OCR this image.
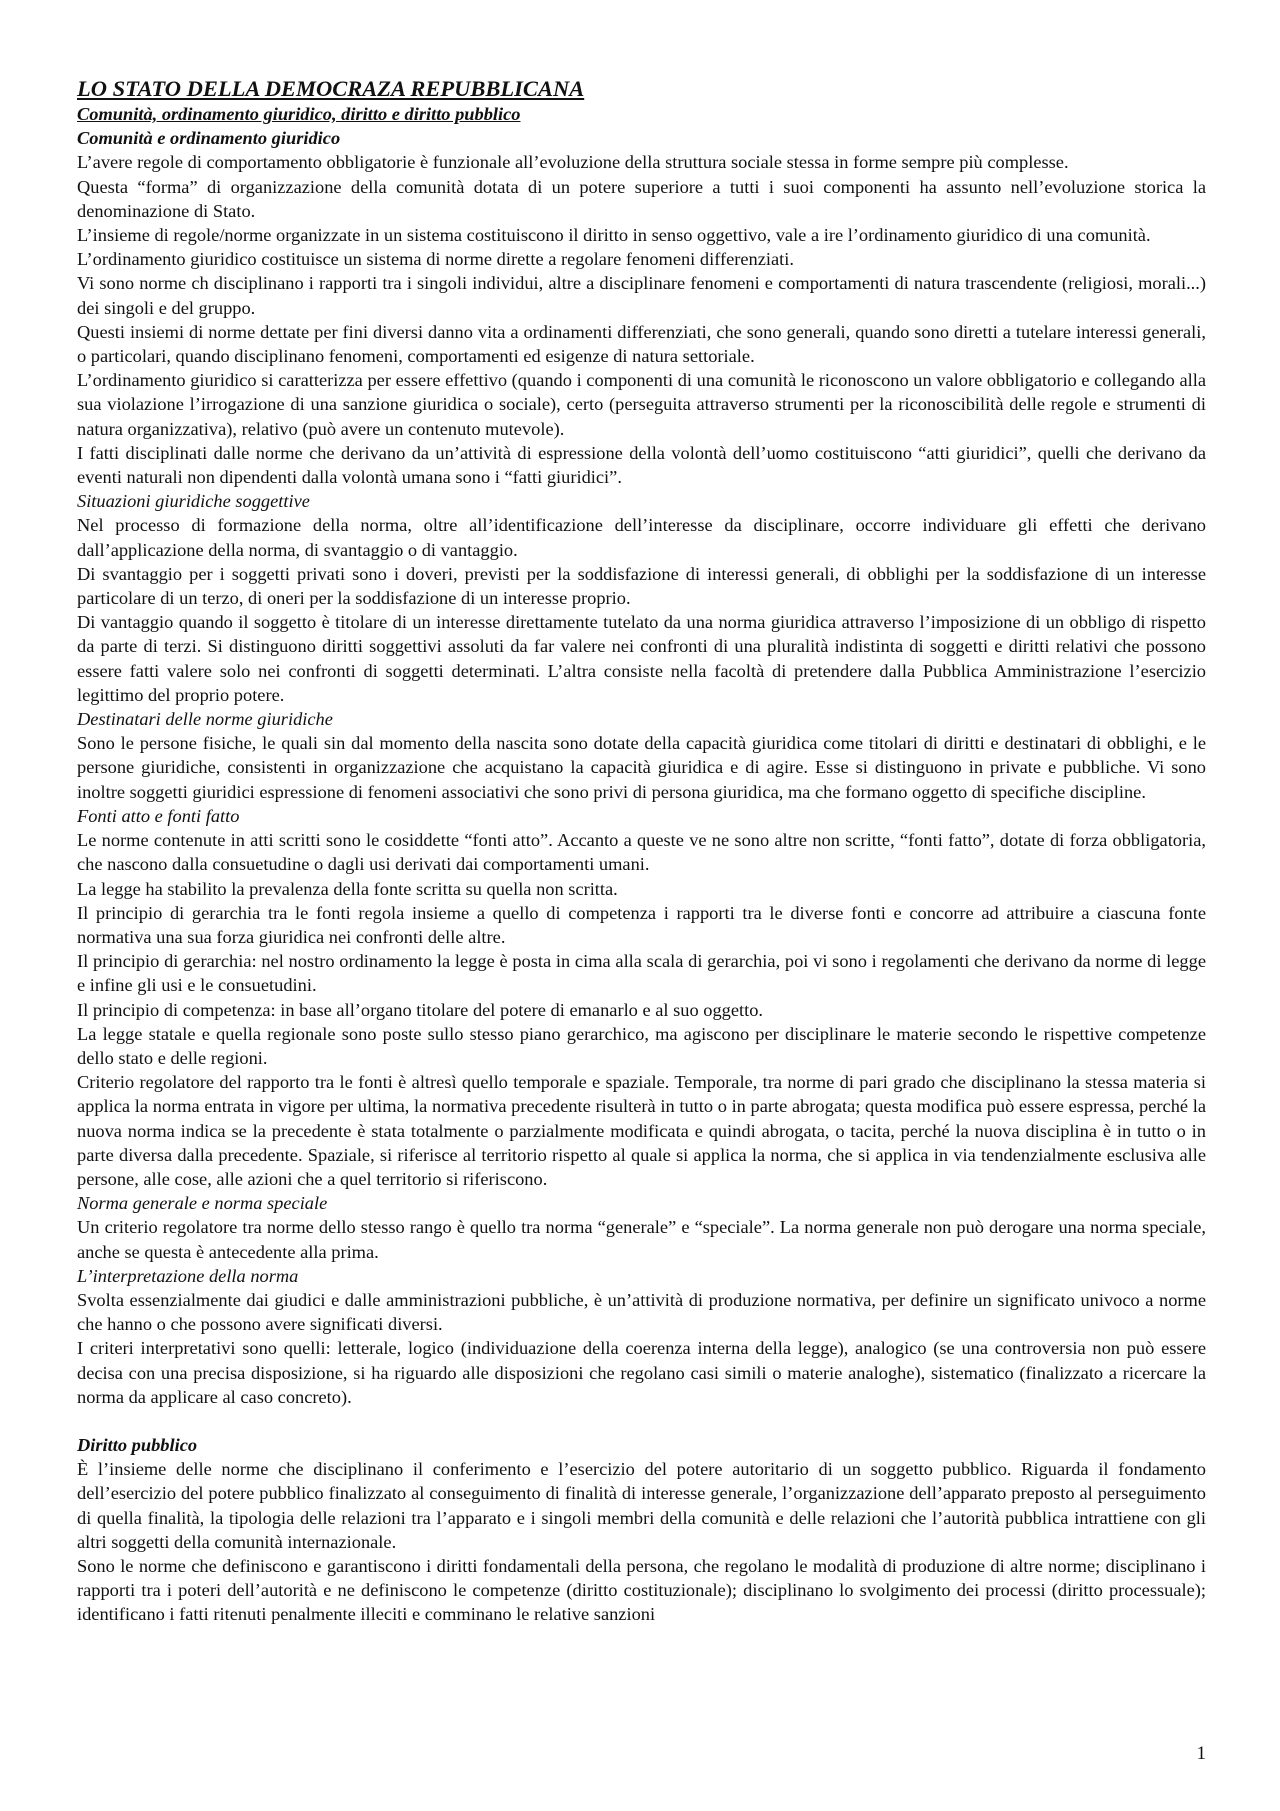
LO STATO DELLA DEMOCRAZA REPUBBLICANA

Comunità, ordinamento giuridico, diritto e diritto pubblico

Comunità e ordinamento giuridico

L’avere regole di comportamento obbligatorie è funzionale all’evoluzione della struttura sociale stessa in forme sempre più complesse.

Questa “forma” di organizzazione della comunità dotata di un potere superiore a tutti i suoi componenti ha assunto nell’evoluzione storica la denominazione di Stato.

L’insieme di regole/norme organizzate in un sistema costituiscono il diritto in senso oggettivo, vale a ire l’ordinamento giuridico di una comunità.

L’ordinamento giuridico costituisce un sistema di norme dirette a regolare fenomeni differenziati.

Vi sono norme ch disciplinano i rapporti tra i singoli individui, altre a disciplinare fenomeni e comportamenti di natura trascendente (religiosi, morali...) dei singoli e del gruppo.

Questi insiemi di norme dettate per fini diversi danno vita a ordinamenti differenziati, che sono generali, quando sono diretti a tutelare interessi generali, o particolari, quando disciplinano fenomeni, comportamenti ed esigenze di natura settoriale.

L’ordinamento giuridico si caratterizza per essere effettivo (quando i componenti di una comunità le riconoscono un valore obbligatorio e collegando alla sua violazione l’irrogazione di una sanzione giuridica o sociale), certo (perseguita attraverso strumenti per la riconoscibilità delle regole e strumenti di natura organizzativa), relativo (può avere un contenuto mutevole).

I fatti disciplinati dalle norme che derivano da un’attività di espressione della volontà dell’uomo costituiscono “atti giuridici”, quelli che derivano da eventi naturali non dipendenti dalla volontà umana sono i “fatti giuridici”.

Situazioni giuridiche soggettive

Nel processo di formazione della norma, oltre all’identificazione dell’interesse da disciplinare, occorre individuare gli effetti che derivano dall’applicazione della norma, di svantaggio o di vantaggio.

Di svantaggio per i soggetti privati sono i doveri, previsti per la soddisfazione di interessi generali, di obblighi per la soddisfazione di un interesse particolare di un terzo, di oneri per la soddisfazione di un interesse proprio.

Di vantaggio quando il soggetto è titolare di un interesse direttamente tutelato da una norma giuridica attraverso l’imposizione di un obbligo di rispetto da parte di terzi. Si distinguono diritti soggettivi assoluti da far valere nei confronti di una pluralità indistinta di soggetti e diritti relativi che possono essere fatti valere solo nei confronti di soggetti determinati. L’altra consiste nella facoltà di pretendere dalla Pubblica Amministrazione l’esercizio legittimo del proprio potere.

Destinatari delle norme giuridiche

Sono le persone fisiche, le quali sin dal momento della nascita sono dotate della capacità giuridica come titolari di diritti e destinatari di obblighi, e le persone giuridiche, consistenti in organizzazione che acquistano la capacità giuridica e di agire. Esse si distinguono in private e pubbliche. Vi sono inoltre soggetti giuridici espressione di fenomeni associativi che sono privi di persona giuridica, ma che formano oggetto di specifiche discipline.

Fonti atto e fonti fatto

Le norme contenute in atti scritti sono le cosiddette “fonti atto”. Accanto a queste ve ne sono altre non scritte, “fonti fatto”, dotate di forza obbligatoria, che nascono dalla consuetudine o dagli usi derivati dai comportamenti umani.

La legge ha stabilito la prevalenza della fonte scritta su quella non scritta.

Il principio di gerarchia tra le fonti regola insieme a quello di competenza i rapporti tra le diverse fonti e concorre ad attribuire a ciascuna fonte normativa una sua forza giuridica nei confronti delle altre.

Il principio di gerarchia: nel nostro ordinamento la legge è posta in cima alla scala di gerarchia, poi vi sono i regolamenti che derivano da norme di legge e infine gli usi e le consuetudini.

Il principio di competenza: in base all’organo titolare del potere di emanarlo e al suo oggetto.

La legge statale e quella regionale sono poste sullo stesso piano gerarchico, ma agiscono per disciplinare le materie secondo le rispettive competenze dello stato e delle regioni.

Criterio regolatore del rapporto tra le fonti è altresì quello temporale e spaziale. Temporale, tra norme di pari grado che disciplinano la stessa materia si applica la norma entrata in vigore per ultima, la normativa precedente risulterà in tutto o in parte abrogata; questa modifica può essere espressa, perché la nuova norma indica se la precedente è stata totalmente o parzialmente modificata e quindi abrogata, o tacita, perché la nuova disciplina è in tutto o in parte diversa dalla precedente. Spaziale, si riferisce al territorio rispetto al quale si applica la norma, che si applica in via tendenzialmente esclusiva alle persone, alle cose, alle azioni che a quel territorio si riferiscono.

Norma generale e norma speciale

Un criterio regolatore tra norme dello stesso rango è quello tra norma “generale” e “speciale”. La norma generale non può derogare una norma speciale, anche se questa è antecedente alla prima.

L’interpretazione della norma

Svolta essenzialmente dai giudici e dalle amministrazioni pubbliche, è un’attività di produzione normativa, per definire un significato univoco a norme che hanno o che possono avere significati diversi.

I criteri interpretativi sono quelli: letterale, logico (individuazione della coerenza interna della legge), analogico (se una controversia non può essere decisa con una precisa disposizione, si ha riguardo alle disposizioni che regolano casi simili o materie analoghe), sistematico (finalizzato a ricercare la norma da applicare al caso concreto).

Diritto pubblico

È l’insieme delle norme che disciplinano il conferimento e l’esercizio del potere autoritario di un soggetto pubblico. Riguarda il fondamento dell’esercizio del potere pubblico finalizzato al conseguimento di finalità di interesse generale, l’organizzazione dell’apparato preposto al perseguimento di quella finalità, la tipologia delle relazioni tra l’apparato e i singoli membri della comunità e delle relazioni che l’autorità pubblica intrattiene con gli altri soggetti della comunità internazionale.

Sono le norme che definiscono e garantiscono i diritti fondamentali della persona, che regolano le modalità di produzione di altre norme; disciplinano i rapporti tra i poteri dell’autorità e ne definiscono le competenze (diritto costituzionale); disciplinano lo svolgimento dei processi (diritto processuale); identificano i fatti ritenuti penalmente illeciti e comminano le relative sanzioni

1
